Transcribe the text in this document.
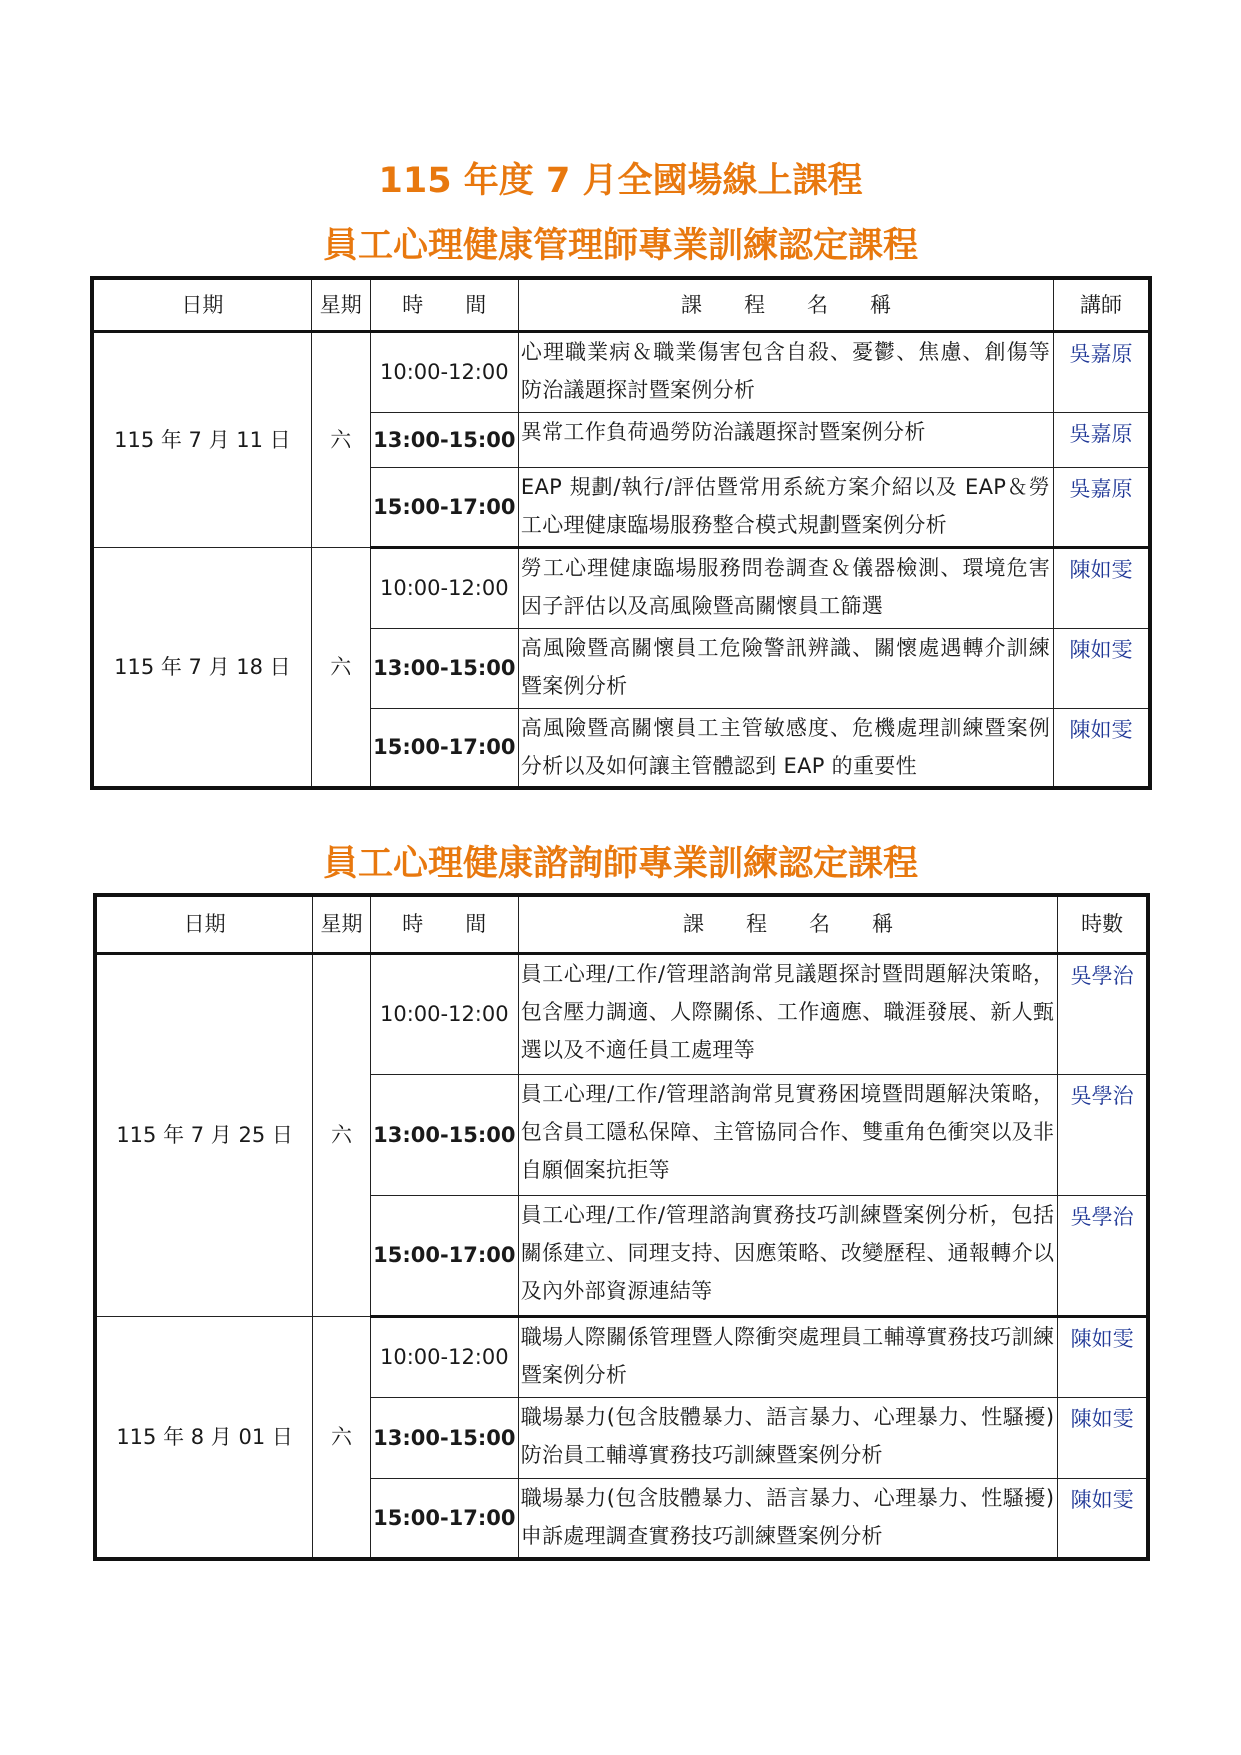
115 年度 7 月全國場線上課程
員工心理健康管理師專業訓練認定課程
日期	星期	時　　間	課　　程　　名　　稱	講師
115 年 7 月 11 日	六	10:00-12:00	心理職業病＆職業傷害包含自殺、憂鬱、焦慮、創傷等防治議題探討暨案例分析	吳嘉原
		13:00-15:00	異常工作負荷過勞防治議題探討暨案例分析	吳嘉原
		15:00-17:00	EAP 規劃/執行/評估暨常用系統方案介紹以及 EAP＆勞工心理健康臨場服務整合模式規劃暨案例分析	吳嘉原
115 年 7 月 18 日	六	10:00-12:00	勞工心理健康臨場服務問卷調查＆儀器檢測、環境危害因子評估以及高風險暨高關懷員工篩選	陳如雯
		13:00-15:00	高風險暨高關懷員工危險警訊辨識、關懷處遇轉介訓練暨案例分析	陳如雯
		15:00-17:00	高風險暨高關懷員工主管敏感度、危機處理訓練暨案例分析以及如何讓主管體認到 EAP 的重要性	陳如雯
員工心理健康諮詢師專業訓練認定課程
日期	星期	時　　間	課　　程　　名　　稱	時數
115 年 7 月 25 日	六	10:00-12:00	員工心理/工作/管理諮詢常見議題探討暨問題解決策略，包含壓力調適、人際關係、工作適應、職涯發展、新人甄選以及不適任員工處理等	吳學治
		13:00-15:00	員工心理/工作/管理諮詢常見實務困境暨問題解決策略，包含員工隱私保障、主管協同合作、雙重角色衝突以及非自願個案抗拒等	吳學治
		15:00-17:00	員工心理/工作/管理諮詢實務技巧訓練暨案例分析，包括關係建立、同理支持、因應策略、改變歷程、通報轉介以及內外部資源連結等	吳學治
115 年 8 月 01 日	六	10:00-12:00	職場人際關係管理暨人際衝突處理員工輔導實務技巧訓練暨案例分析	陳如雯
		13:00-15:00	職場暴力(包含肢體暴力、語言暴力、心理暴力、性騷擾)防治員工輔導實務技巧訓練暨案例分析	陳如雯
		15:00-17:00	職場暴力(包含肢體暴力、語言暴力、心理暴力、性騷擾)申訴處理調查實務技巧訓練暨案例分析	陳如雯
